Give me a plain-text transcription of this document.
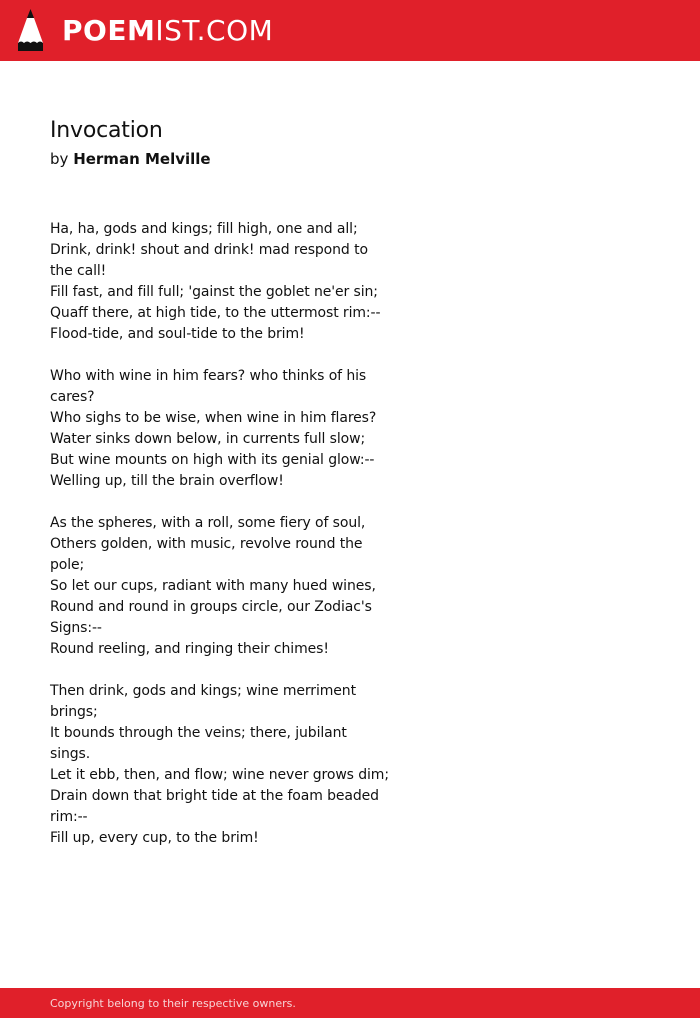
POEMIST.COM
Invocation
by Herman Melville
Ha, ha, gods and kings; fill high, one and all;
Drink, drink! shout and drink! mad respond to the call!
Fill fast, and fill full; 'gainst the goblet ne'er sin;
Quaff there, at high tide, to the uttermost rim:--
Flood-tide, and soul-tide to the brim!

Who with wine in him fears? who thinks of his cares?
Who sighs to be wise, when wine in him flares?
Water sinks down below, in currents full slow;
But wine mounts on high with its genial glow:--
Welling up, till the brain overflow!

As the spheres, with a roll, some fiery of soul,
Others golden, with music, revolve round the pole;
So let our cups, radiant with many hued wines,
Round and round in groups circle, our Zodiac's Signs:--
Round reeling, and ringing their chimes!

Then drink, gods and kings; wine merriment brings;
It bounds through the veins; there, jubilant sings.
Let it ebb, then, and flow; wine never grows dim;
Drain down that bright tide at the foam beaded rim:--
Fill up, every cup, to the brim!
Copyright belong to their respective owners.
